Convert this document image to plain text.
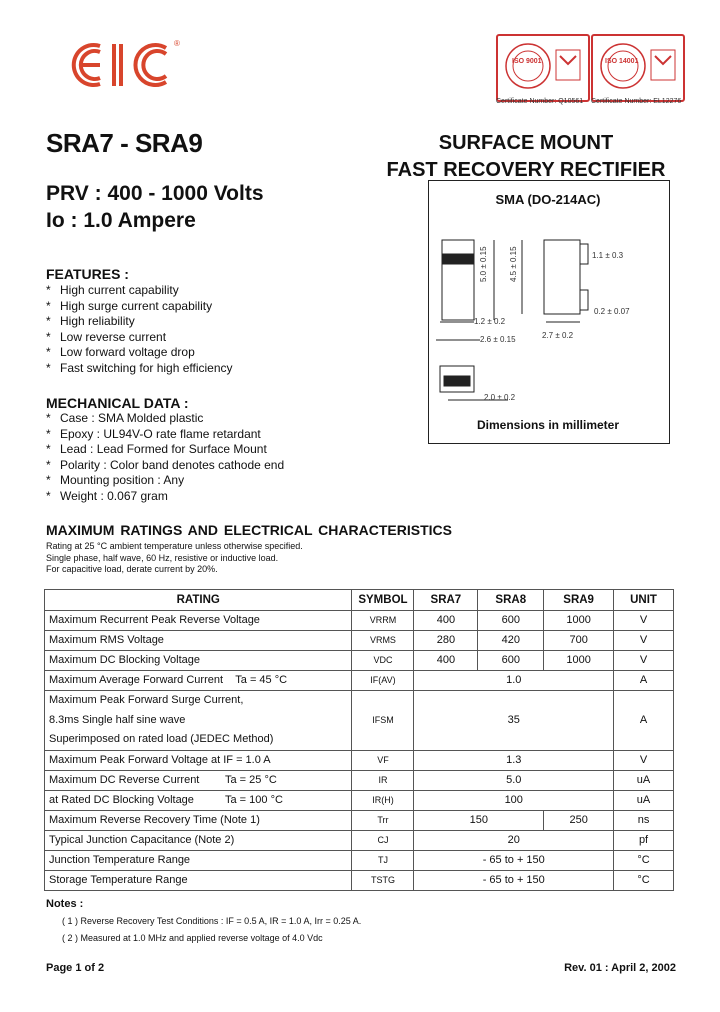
®
ISO 9001	ISO 14001
Certificate Number: Q10561 Certificate Number: EL12276
SRA7 - SRA9	SURFACE MOUNT
FAST RECOVERY RECTIFIER
PRV : 400 - 1000 Volts
Io : 1.0 Ampere
SMA (DO-214AC)
5.0 ± 0.15	4.5 ± 0.15
1.2 ± 0.2
2.6 ± 0.15
1.1 ± 0.3
0.2 ± 0.07
2.7 ± 0.2
2.0 ± 0.2
Dimensions in millimeter
FEATURES :
* High current capability
* High surge current capability
* High reliability
* Low reverse current
* Low forward voltage drop
* Fast switching for high efficiency
MECHANICAL DATA :
* Case : SMA Molded plastic
* Epoxy : UL94V-O rate flame retardant
* Lead : Lead Formed for Surface Mount
* Polarity : Color band denotes cathode end
* Mounting position : Any
* Weight : 0.067 gram
MAXIMUM RATINGS AND ELECTRICAL CHARACTERISTICS
Rating at 25 °C ambient temperature unless otherwise specified.
Single phase, half wave, 60 Hz, resistive or inductive load.
For capacitive load, derate current by 20%.
RATING	SYMBOL	SRA7	SRA8	SRA9	UNIT
Maximum Recurrent Peak Reverse Voltage	VRRM	400	600	1000	V
Maximum RMS Voltage	VRMS	280	420	700	V
Maximum DC Blocking Voltage	VDC	400	600	1000	V
Maximum Average Forward Current Ta = 45 °C	IF(AV)	1.0			A

Maximum Peak Forward Surge Current,
8.3ms Single half sine wave
Superimposed on rated load (JEDEC Method)	IFSM	35			A
Maximum Peak Forward Voltage at IF = 1.0 A	VF	1.3			V
Maximum DC Reverse Current Ta = 25 °C	IR	5.0			uA
at Rated DC Blocking Voltage Ta = 100 °C	IR(H)	100			uA
Maximum Reverse Recovery Time (Note 1)	Trr	150		250	ns
Typical Junction Capacitance (Note 2)	CJ	20			pf
Junction Temperature Range	TJ	- 65 to + 150			°C
Storage Temperature Range	TSTG	- 65 to + 150			°C
Notes :
( 1 ) Reverse Recovery Test Conditions : IF = 0.5 A, IR = 1.0 A, Irr = 0.25 A.
( 2 ) Measured at 1.0 MHz and applied reverse voltage of 4.0 Vdc
Page 1 of 2	Rev. 01 : April 2, 2002
